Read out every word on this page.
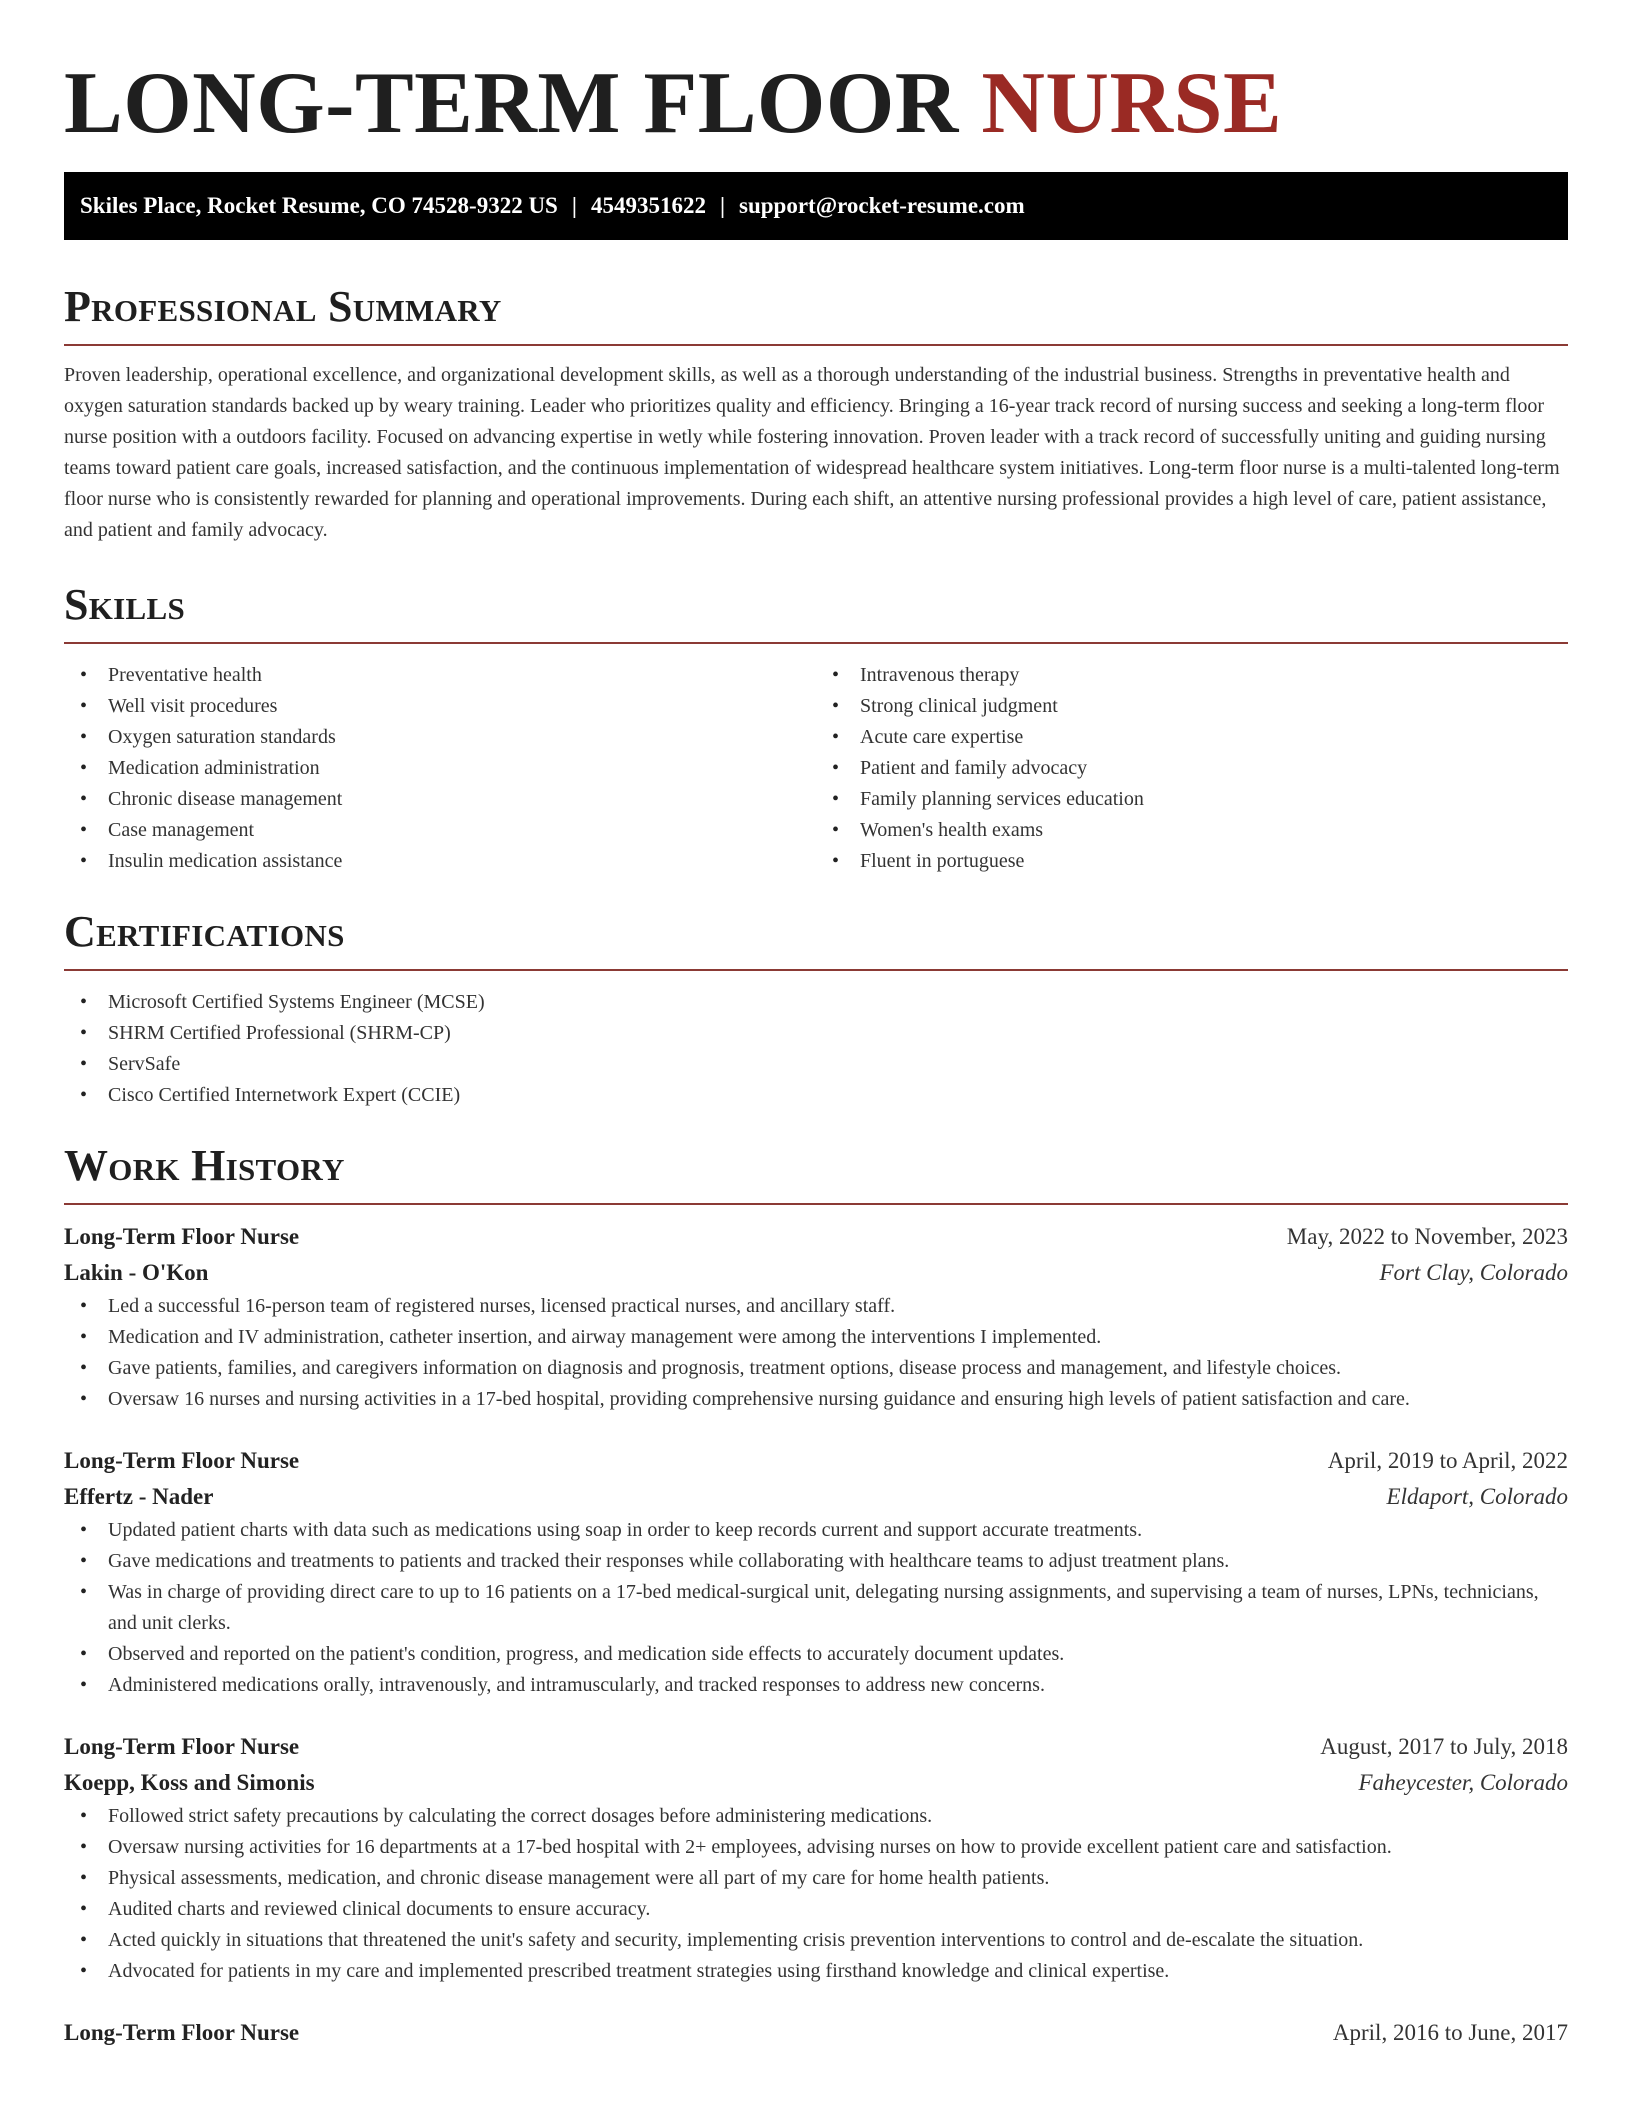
LONG-TERM FLOOR NURSE
Skiles Place, Rocket Resume, CO 74528-9322 US | 4549351622 | support@rocket-resume.com
Professional Summary

Proven leadership, operational excellence, and organizational development skills, as well as a thorough understanding of the industrial business. Strengths in preventative health and oxygen saturation standards backed up by weary training. Leader who prioritizes quality and efficiency. Bringing a 16-year track record of nursing success and seeking a long-term floor nurse position with a outdoors facility. Focused on advancing expertise in wetly while fostering innovation. Proven leader with a track record of successfully uniting and guiding nursing teams toward patient care goals, increased satisfaction, and the continuous implementation of widespread healthcare system initiatives. Long-term floor nurse is a multi-talented long-term floor nurse who is consistently rewarded for planning and operational improvements. During each shift, an attentive nursing professional provides a high level of care, patient assistance, and patient and family advocacy.

Skills
• Preventative health
• Well visit procedures
• Oxygen saturation standards
• Medication administration
• Chronic disease management
• Case management
• Insulin medication assistance
• Intravenous therapy
• Strong clinical judgment
• Acute care expertise
• Patient and family advocacy
• Family planning services education
• Women's health exams
• Fluent in portuguese
Certifications
• Microsoft Certified Systems Engineer (MCSE)
• SHRM Certified Professional (SHRM-CP)
• ServSafe
• Cisco Certified Internetwork Expert (CCIE)
Work History
Long-Term Floor Nurse	May, 2022 to November, 2023
Lakin - O'Kon	Fort Clay, Colorado
• Led a successful 16-person team of registered nurses, licensed practical nurses, and ancillary staff.
• Medication and IV administration, catheter insertion, and airway management were among the interventions I implemented.
• Gave patients, families, and caregivers information on diagnosis and prognosis, treatment options, disease process and management, and lifestyle choices.
• Oversaw 16 nurses and nursing activities in a 17-bed hospital, providing comprehensive nursing guidance and ensuring high levels of patient satisfaction and care.
Long-Term Floor Nurse	April, 2019 to April, 2022
Effertz - Nader	Eldaport, Colorado
• Updated patient charts with data such as medications using soap in order to keep records current and support accurate treatments.
• Gave medications and treatments to patients and tracked their responses while collaborating with healthcare teams to adjust treatment plans.
• Was in charge of providing direct care to up to 16 patients on a 17-bed medical-surgical unit, delegating nursing assignments, and supervising a team of nurses, LPNs, technicians, and unit clerks.
• Observed and reported on the patient's condition, progress, and medication side effects to accurately document updates.
• Administered medications orally, intravenously, and intramuscularly, and tracked responses to address new concerns.
Long-Term Floor Nurse	August, 2017 to July, 2018
Koepp, Koss and Simonis	Faheycester, Colorado
• Followed strict safety precautions by calculating the correct dosages before administering medications.
• Oversaw nursing activities for 16 departments at a 17-bed hospital with 2+ employees, advising nurses on how to provide excellent patient care and satisfaction.
• Physical assessments, medication, and chronic disease management were all part of my care for home health patients.
• Audited charts and reviewed clinical documents to ensure accuracy.
• Acted quickly in situations that threatened the unit's safety and security, implementing crisis prevention interventions to control and de-escalate the situation.
• Advocated for patients in my care and implemented prescribed treatment strategies using firsthand knowledge and clinical expertise.
Long-Term Floor Nurse	April, 2016 to June, 2017
